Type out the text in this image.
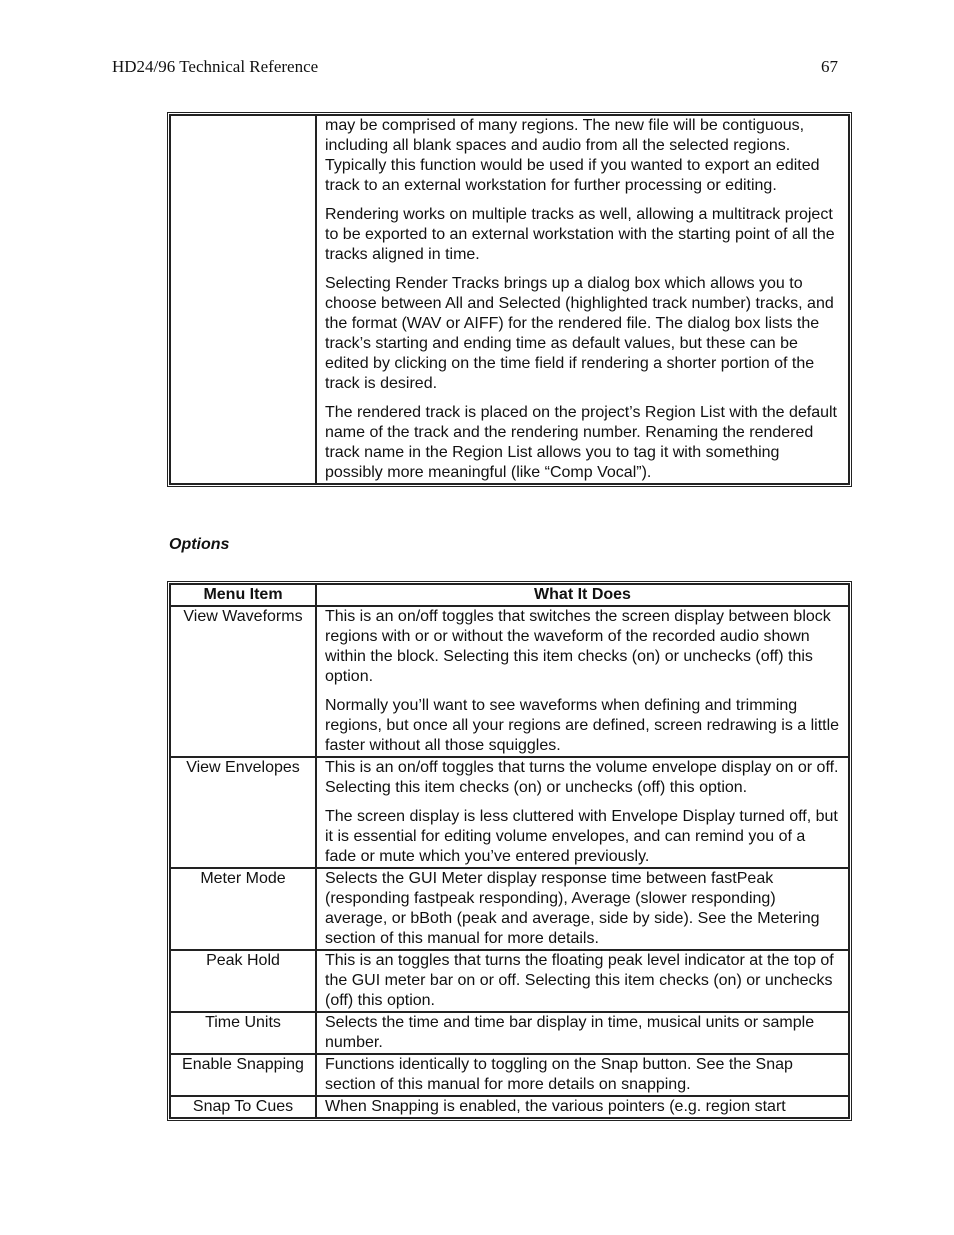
HD24/96 Technical Reference	67

may be comprised of many regions. The new file will be contiguous, including all blank spaces and audio from all the selected regions. Typically this function would be used if you wanted to export an edited track to an external workstation for further processing or editing.

Rendering works on multiple tracks as well, allowing a multitrack project to be exported to an external workstation with the starting point of all the tracks aligned in time.

Selecting Render Tracks brings up a dialog box which allows you to choose between All and Selected (highlighted track number) tracks, and the format (WAV or AIFF) for the rendered file. The dialog box lists the track’s starting and ending time as default values, but these can be edited by clicking on the time field if rendering a shorter portion of the track is desired.

The rendered track is placed on the project’s Region List with the default name of the track and the rendering number. Renaming the rendered track name in the Region List allows you to tag it with something possibly more meaningful (like “Comp Vocal”).

Options
Menu Item	What It Does
View Waveforms	This is an on/off toggles that switches the screen display between block regions with or or without the waveform of the recorded audio shown within the block. Selecting this item checks (on) or unchecks (off) this option.

Normally you’ll want to see waveforms when defining and trimming regions, but once all your regions are defined, screen redrawing is a little faster without all those squiggles.

View Envelopes	This is an on/off toggles that turns the volume envelope display on or off. Selecting this item checks (on) or unchecks (off) this option.

The screen display is less cluttered with Envelope Display turned off, but it is essential for editing volume envelopes, and can remind you of a fade or mute which you’ve entered previously.

Meter Mode	Selects the GUI Meter display response time between fastPeak (responding fastpeak responding), Average (slower responding) average, or bBoth (peak and average, side by side). See the Metering section of this manual for more details.

Peak Hold	This is an toggles that turns the floating peak level indicator at the top of the GUI meter bar on or off. Selecting this item checks (on) or unchecks (off) this option.

Time Units	Selects the time and time bar display in time, musical units or sample number.

Enable Snapping	Functions identically to toggling on the Snap button. See the Snap section of this manual for more details on snapping.

Snap To Cues	When Snapping is enabled, the various pointers (e.g. region start
